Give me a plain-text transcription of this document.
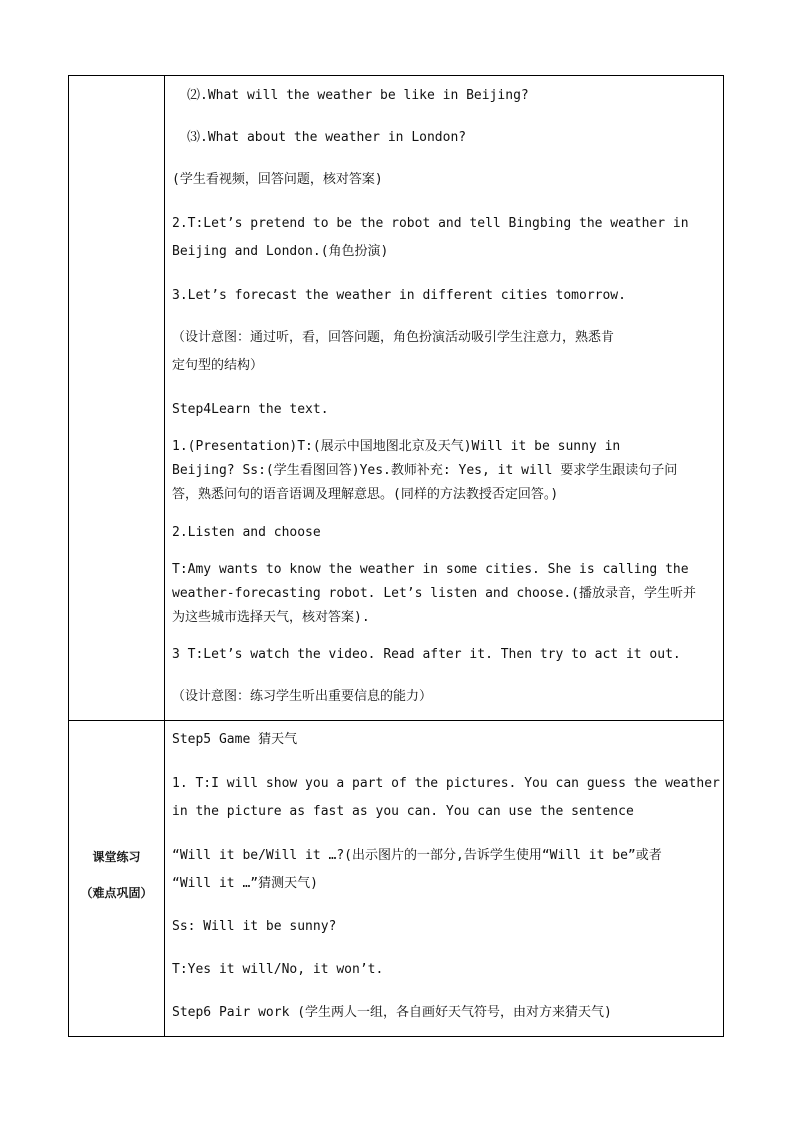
⑵.What will the weather be like in Beijing?
⑶.What about the weather in London?
(学生看视频，回答问题，核对答案)
2.T:Let’s pretend to be the robot and tell Bingbing the weather in
Beijing and London.(角色扮演)
3.Let’s forecast the weather in different cities tomorrow.
（设计意图：通过听，看，回答问题，角色扮演活动吸引学生注意力，熟悉肯
定句型的结构）
Step4Learn the text.
1.(Presentation)T:(展示中国地图北京及天气)Will it be sunny in
Beijing? Ss:(学生看图回答)Yes.教师补充: Yes, it will 要求学生跟读句子问
答，熟悉问句的语音语调及理解意思。(同样的方法教授否定回答。)
2.Listen and choose
T:Amy wants to know the weather in some cities. She is calling the
weather-forecasting robot. Let’s listen and choose.(播放录音，学生听并
为这些城市选择天气，核对答案).
3 T:Let’s watch the video. Read after it. Then try to act it out.
（设计意图：练习学生听出重要信息的能力）
课堂练习
（难点巩固）
Step5 Game 猜天气
1. T:I will show you a part of the pictures. You can guess the weather
in the picture as fast as you can. You can use the sentence
“Will it be/Will it …?(出示图片的一部分,告诉学生使用“Will it be”或者
“Will it …”猜测天气)
Ss: Will it be sunny?
T:Yes it will/No, it won’t.
Step6 Pair work (学生两人一组，各自画好天气符号，由对方来猜天气)
